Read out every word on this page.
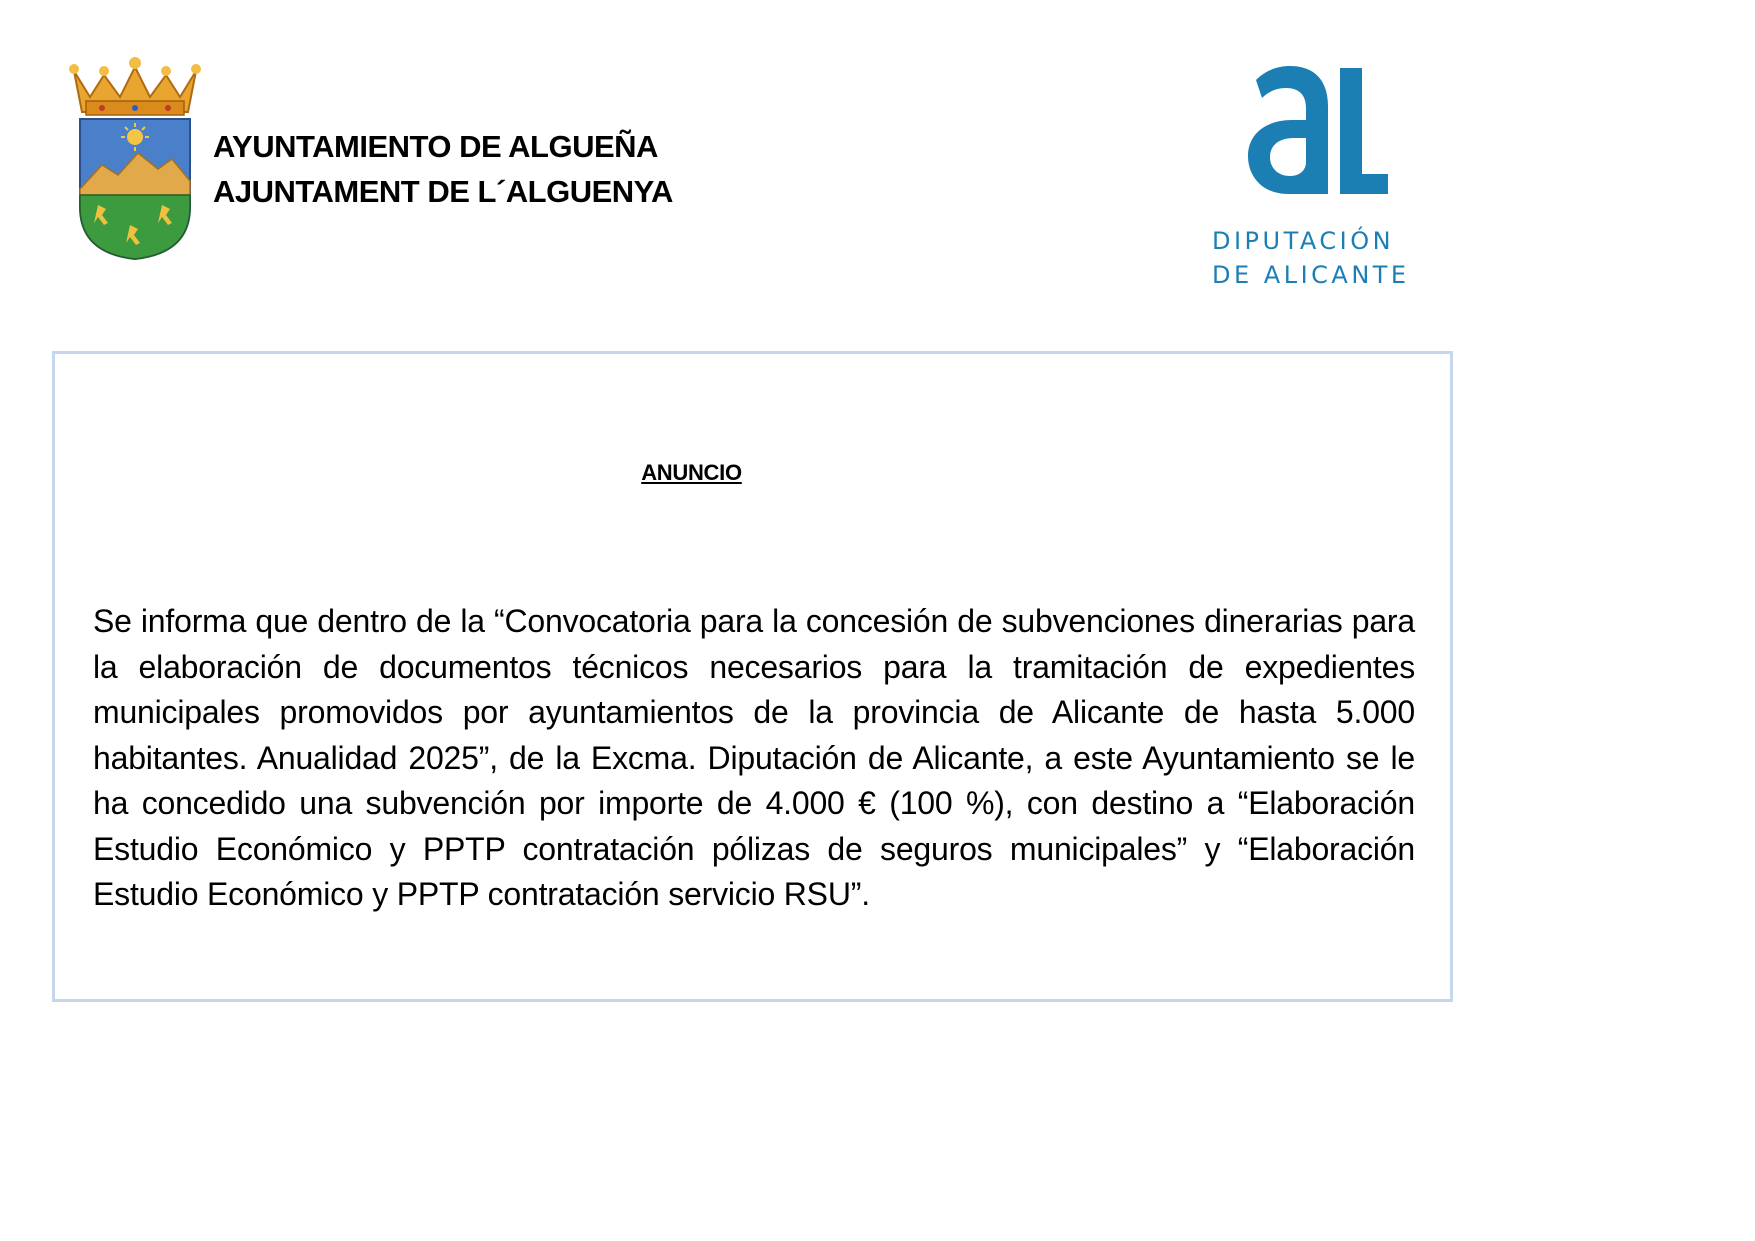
AYUNTAMIENTO DE ALGUEÑA
AJUNTAMENT DE L´ALGUENYA
DIPUTACIÓN
DE ALICANTE
ANUNCIO
Se informa que dentro de la “Convocatoria para la concesión de subvenciones dinerarias para la elaboración de documentos técnicos necesarios para la tramitación de expedientes municipales promovidos por ayuntamientos de la provincia de Alicante de hasta 5.000 habitantes. Anualidad 2025”, de la Excma. Diputación de Alicante, a este Ayuntamiento se le ha concedido una subvención por importe de 4.000 € (100 %), con destino a “Elaboración Estudio Económico y PPTP contratación pólizas de seguros municipales” y “Elaboración Estudio Económico y PPTP contratación servicio RSU”.
